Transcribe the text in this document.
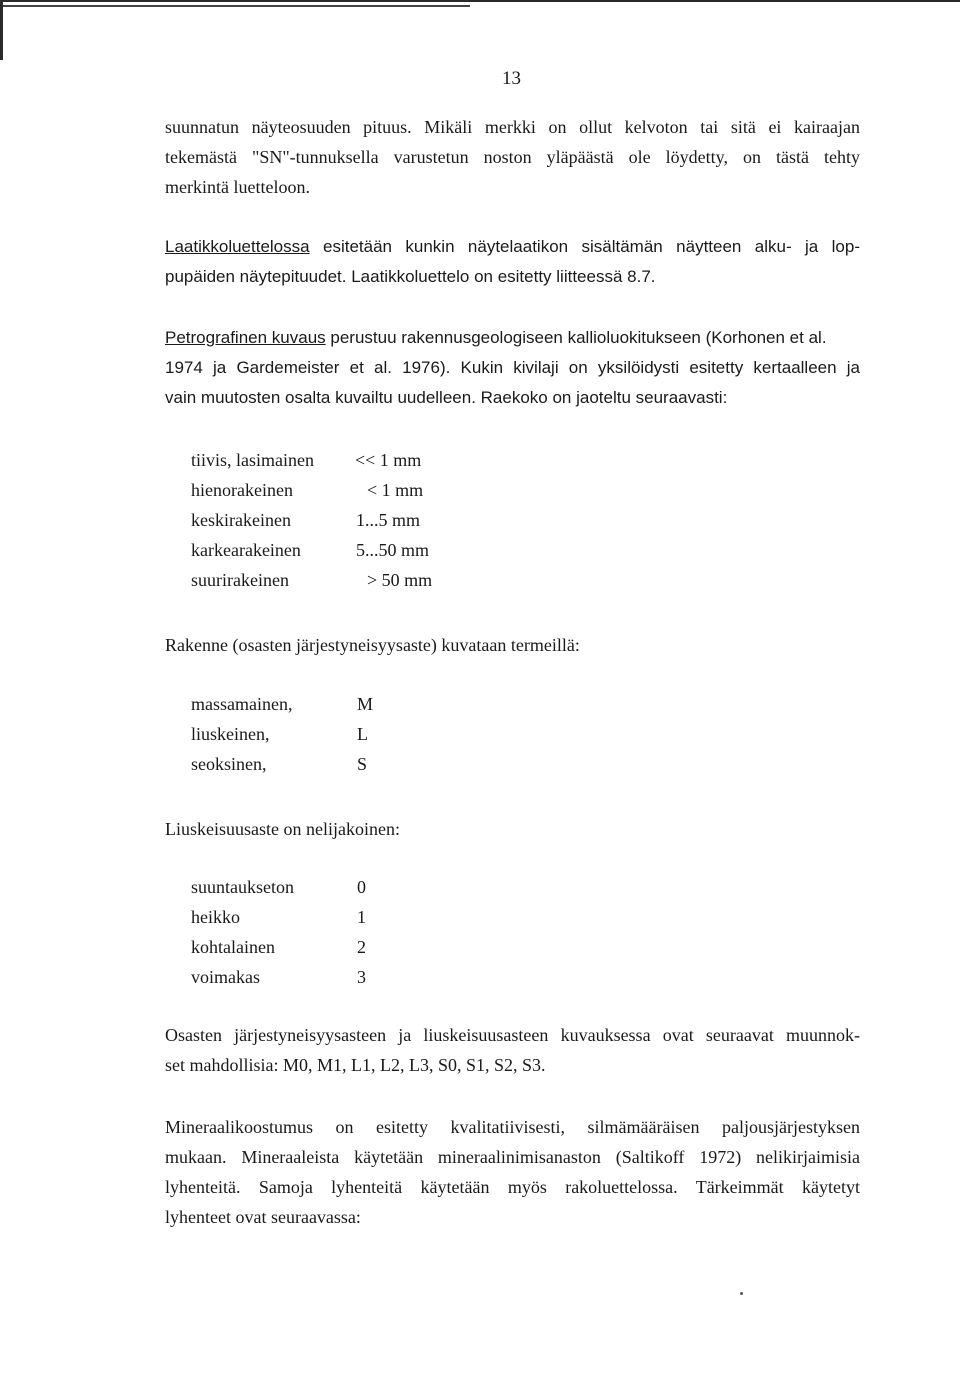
13
suunnatun näyteosuuden pituus. Mikäli merkki on ollut kelvoton tai sitä ei kairaajan
tekemästä "SN"-tunnuksella varustetun noston yläpäästä ole löydetty, on tästä tehty
merkintä luetteloon.
Laatikkoluettelossa esitetään kunkin näytelaatikon sisältämän näytteen alku- ja lop-
pupäiden näytepituudet. Laatikkoluettelo on esitetty liitteessä 8.7.
Petrografinen kuvaus perustuu rakennusgeologiseen kallioluokitukseen (Korhonen et al.
1974 ja Gardemeister et al. 1976). Kukin kivilaji on yksilöidysti esitetty kertaalleen ja
vain muutosten osalta kuvailtu uudelleen. Raekoko on jaoteltu seuraavasti:
tiivis, lasimainen << 1 mm
hienorakeinen	< 1 mm
keskirakeinen	1...5 mm
karkearakeinen	5...50 mm
suurirakeinen	> 50 mm
Rakenne (osasten järjestyneisyysaste) kuvataan termeillä:
massamainen,	M
liuskeinen,	L
seoksinen,	S
Liuskeisuusaste on nelijakoinen:
suuntaukseton	0
heikko	1
kohtalainen	2
voimakas	3
Osasten järjestyneisyysasteen ja liuskeisuusasteen kuvauksessa ovat seuraavat muunnok-
set mahdollisia: M0, M1, L1, L2, L3, S0, S1, S2, S3.
Mineraalikoostumus on esitetty kvalitatiivisesti, silmämääräisen paljousjärjestyksen
mukaan. Mineraaleista käytetään mineraalinimisanaston (Saltikoff 1972) nelikirjaimisia
lyhenteitä. Samoja lyhenteitä käytetään myös rakoluettelossa. Tärkeimmät käytetyt
lyhenteet ovat seuraavassa:
